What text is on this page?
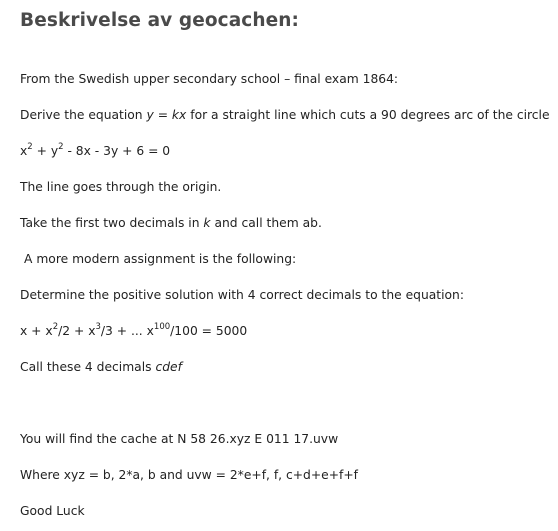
Beskrivelse av geocachen:

From the Swedish upper secondary school – final exam 1864:

Derive the equation y = kx for a straight line which cuts a 90 degrees arc of the circle

$x^2 + y^2 - 8x - 3y + 6 = 0$

The line goes through the origin.

Take the first two decimals in k and call them ab.

A more modern assignment is the following:

Determine the positive solution with 4 correct decimals to the equation:

$x + x^2/2 + x^3/3$ + ... $x^{100}/100 = 5000$

Call these 4 decimals cdef

You will find the cache at N 58 26.xyz E 011 17.uvw

Where xyz = b, 2*a, b and uvw = 2*e+f, f, c+d+e+f+f

Good Luck
